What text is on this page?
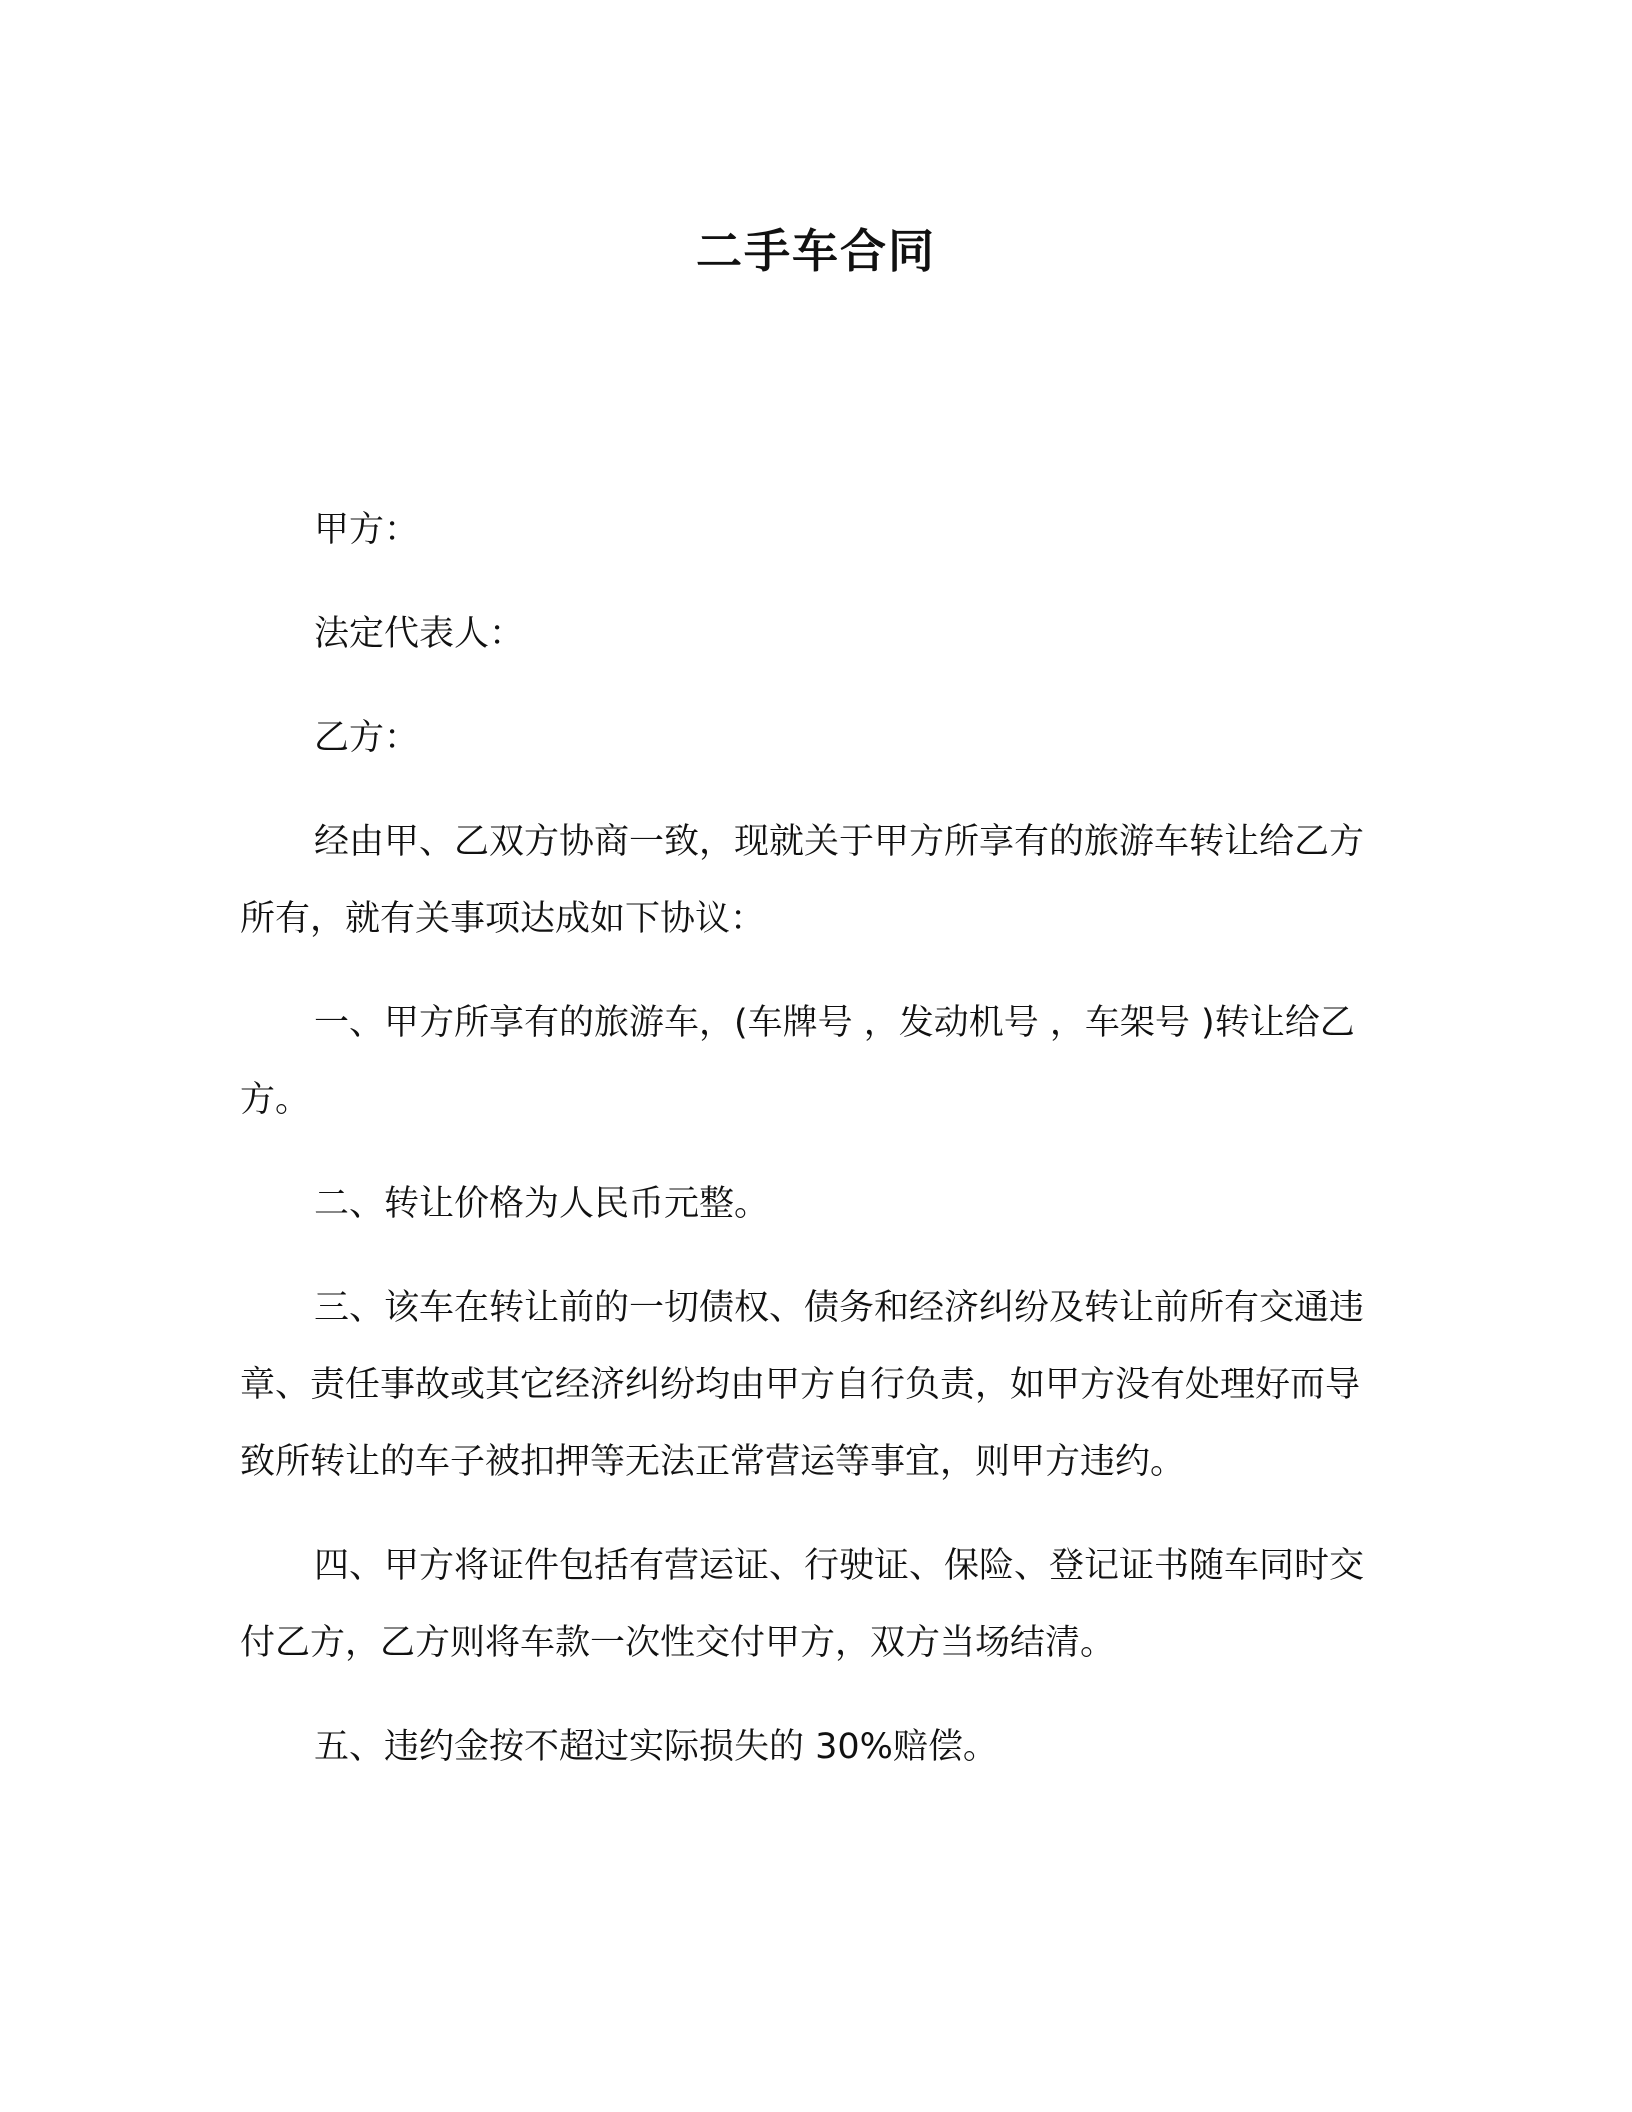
二手车合同

甲方：

法定代表人：

乙方：

经由甲、乙双方协商一致，现就关于甲方所享有的旅游车转让给乙方所有，就有关事项达成如下协议：

一、甲方所享有的旅游车，(车牌号 ，发动机号 ，车架号 )转让给乙方。

二、转让价格为人民币元整。

三、该车在转让前的一切债权、债务和经济纠纷及转让前所有交通违章、责任事故或其它经济纠纷均由甲方自行负责，如甲方没有处理好而导致所转让的车子被扣押等无法正常营运等事宜，则甲方违约。

四、甲方将证件包括有营运证、行驶证、保险、登记证书随车同时交付乙方，乙方则将车款一次性交付甲方，双方当场结清。

五、违约金按不超过实际损失的 30%赔偿。
